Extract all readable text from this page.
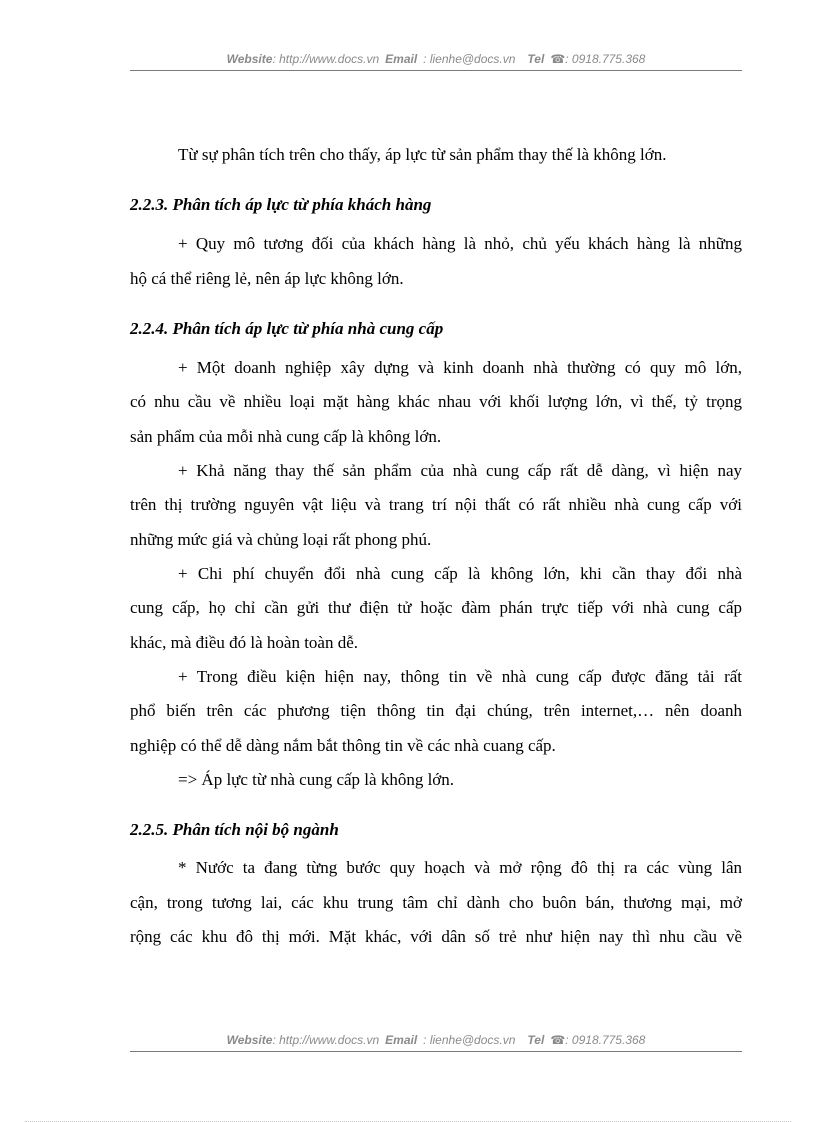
Website: http://www.docs.vn Email : lienhe@docs.vn Tel ☎: 0918.775.368
Từ sự phân tích trên cho thấy, áp lực từ sản phẩm thay thế là không lớn.
2.2.3. Phân tích áp lực từ phía khách hàng
+ Quy mô tương đối của khách hàng là nhỏ, chủ yếu khách hàng là những
hộ cá thể riêng lẻ, nên áp lực không lớn.
2.2.4. Phân tích áp lực từ phía nhà cung cấp
+ Một doanh nghiệp xây dựng và kinh doanh nhà thường có quy mô lớn,
có nhu cầu về nhiều loại mặt hàng khác nhau với khối lượng lớn, vì thế, tỷ trọng
sản phẩm của mỗi nhà cung cấp là không lớn.
+ Khả năng thay thế sản phẩm của nhà cung cấp rất dễ dàng, vì hiện nay
trên thị trường nguyên vật liệu và trang trí nội thất có rất nhiều nhà cung cấp với
những mức giá và chủng loại rất phong phú.
+ Chi phí chuyển đổi nhà cung cấp là không lớn, khi cần thay đổi nhà
cung cấp, họ chỉ cần gửi thư điện tử hoặc đàm phán trực tiếp với nhà cung cấp
khác, mà điều đó là hoàn toàn dễ.
+ Trong điều kiện hiện nay, thông tin về nhà cung cấp được đăng tải rất
phổ biến trên các phương tiện thông tin đại chúng, trên internet,… nên doanh
nghiệp có thể dễ dàng nắm bắt thông tin về các nhà cuang cấp.
=> Áp lực từ nhà cung cấp là không lớn.
2.2.5. Phân tích nội bộ ngành
* Nước ta đang từng bước quy hoạch và mở rộng đô thị ra các vùng lân
cận, trong tương lai, các khu trung tâm chỉ dành cho buôn bán, thương mại, mở
rộng các khu đô thị mới. Mặt khác, với dân số trẻ như hiện nay thì nhu cầu về
Website: http://www.docs.vn Email : lienhe@docs.vn Tel ☎: 0918.775.368
